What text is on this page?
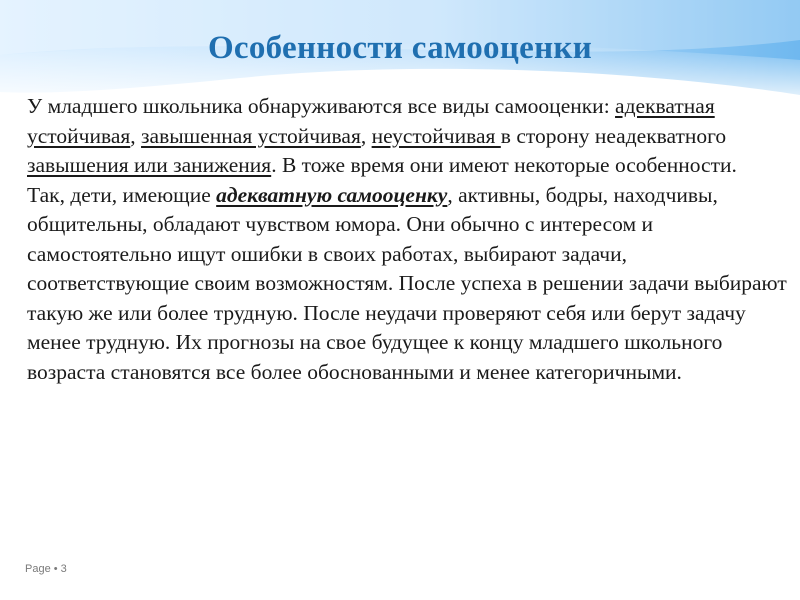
Особенности самооценки

У младшего школьника обнаруживаются все виды самооценки: адекватная устойчивая, завышенная устойчивая, неустойчивая в сторону неадекватного завышения или занижения. В тоже время они имеют некоторые особенности.

Так, дети, имеющие адекватную самооценку, активны, бодры, находчивы, общительны, обладают чувством юмора. Они обычно с интересом и самостоятельно ищут ошибки в своих работах, выбирают задачи, соответствующие своим возможностям. После успеха в решении задачи выбирают такую же или более трудную. После неудачи проверяют себя или берут задачу менее трудную. Их прогнозы на свое будущее к концу младшего школьного возраста становятся все более обоснованными и менее категоричными.

Page • 3
